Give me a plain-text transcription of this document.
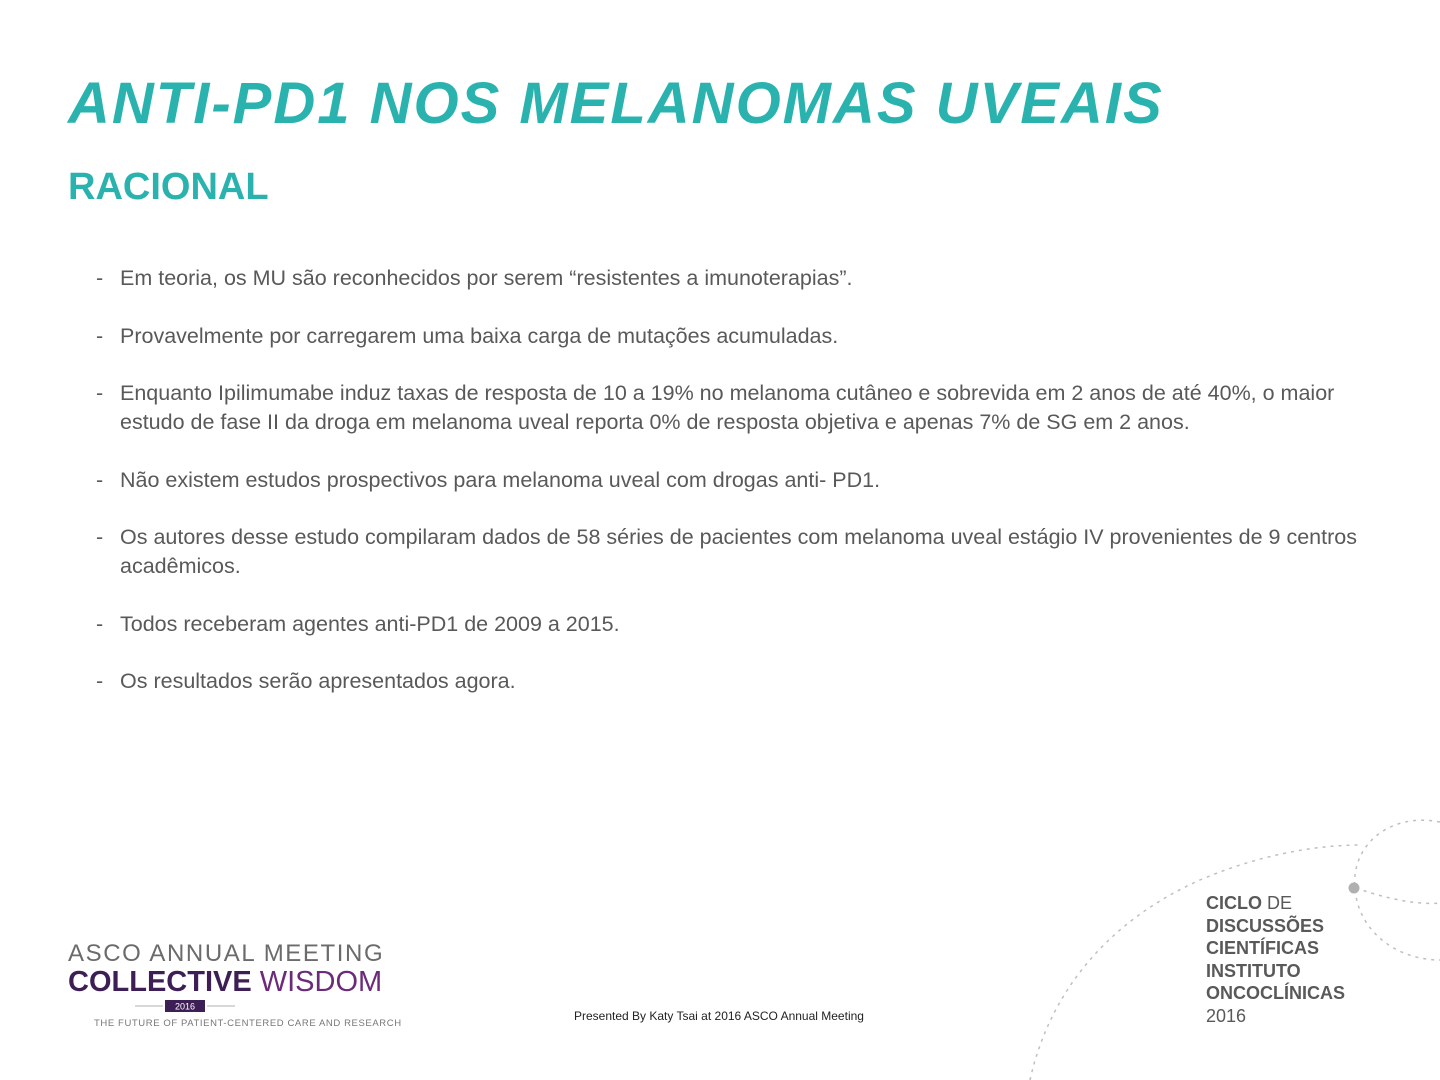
ANTI-PD1 NOS MELANOMAS UVEAIS
RACIONAL
- Em teoria, os MU são reconhecidos por serem “resistentes a imunoterapias”.
- Provavelmente por carregarem uma baixa carga de mutações acumuladas.
- Enquanto Ipilimumabe induz taxas de resposta de 10 a 19% no melanoma cutâneo e sobrevida em 2 anos de até 40%, o maior estudo de fase II da droga em melanoma uveal reporta 0% de resposta objetiva e apenas 7% de SG em 2 anos.
- Não existem estudos prospectivos para melanoma uveal com drogas anti- PD1.
- Os autores desse estudo compilaram dados de 58 séries de pacientes com melanoma uveal estágio IV provenientes de 9 centros acadêmicos.
- Todos receberam agentes anti-PD1 de 2009 a 2015.
- Os resultados serão apresentados agora.
ASCO ANNUAL MEETING
COLLECTIVE WISDOM
THE FUTURE OF PATIENT-CENTERED CARE AND RESEARCH
2016
Presented By Katy Tsai at 2016 ASCO Annual Meeting
CICLO DE
DISCUSSÕES
CIENTÍFICAS
INSTITUTO
ONCOCLÍNICAS
2016
